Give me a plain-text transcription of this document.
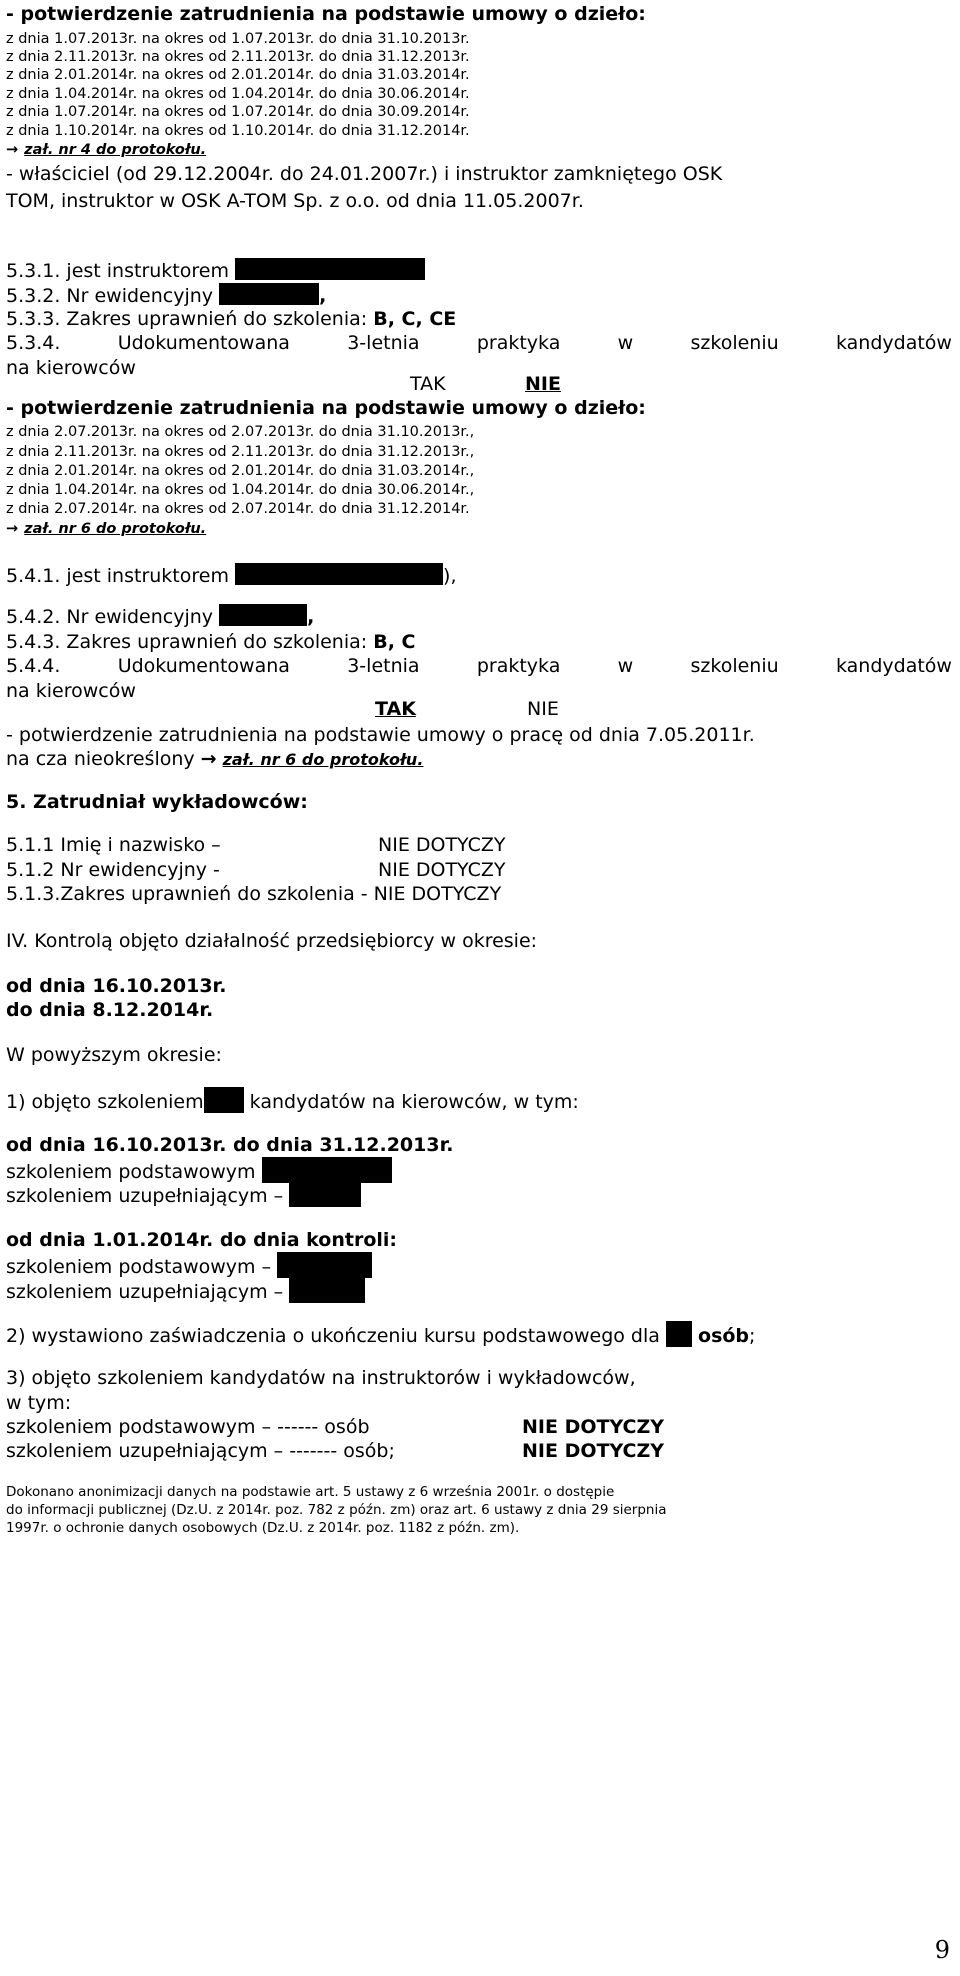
- potwierdzenie zatrudnienia na podstawie umowy o dzieło:
z dnia 1.07.2013r. na okres od 1.07.2013r. do dnia 31.10.2013r.
z dnia 2.11.2013r. na okres od 2.11.2013r. do dnia 31.12.2013r.
z dnia 2.01.2014r. na okres od 2.01.2014r. do dnia 31.03.2014r.
z dnia 1.04.2014r. na okres od 1.04.2014r. do dnia 30.06.2014r.
z dnia 1.07.2014r. na okres od 1.07.2014r. do dnia 30.09.2014r.
z dnia 1.10.2014r. na okres od 1.10.2014r. do dnia 31.12.2014r.
→ zał. nr 4 do protokołu.
- właściciel (od 29.12.2004r. do 24.01.2007r.) i instruktor zamkniętego OSK
TOM, instruktor w OSK A-TOM Sp. z o.o. od dnia 11.05.2007r.
5.3.1. jest instruktorem
5.3.2. Nr ewidencyjny	,
5.3.3. Zakres uprawnień do szkolenia: B, C, CE
5.3.4.	Udokumentowana	3-letnia	praktyka	w	szkoleniu	kandydatów
na kierowców
TAK	NIE
- potwierdzenie zatrudnienia na podstawie umowy o dzieło:
z dnia 2.07.2013r. na okres od 2.07.2013r. do dnia 31.10.2013r.,
z dnia 2.11.2013r. na okres od 2.11.2013r. do dnia 31.12.2013r.,
z dnia 2.01.2014r. na okres od 2.01.2014r. do dnia 31.03.2014r.,
z dnia 1.04.2014r. na okres od 1.04.2014r. do dnia 30.06.2014r.,
z dnia 2.07.2014r. na okres od 2.07.2014r. do dnia 31.12.2014r.
→ zał. nr 6 do protokołu.
5.4.1. jest instruktorem	),
5.4.2. Nr ewidencyjny	,
5.4.3. Zakres uprawnień do szkolenia: B, C
5.4.4.	Udokumentowana	3-letnia	praktyka	w	szkoleniu	kandydatów
na kierowców
TAK	NIE
- potwierdzenie zatrudnienia na podstawie umowy o pracę od dnia 7.05.2011r.
na cza nieokreślony → zał. nr 6 do protokołu.
5. Zatrudniał wykładowców:
5.1.1 Imię i nazwisko –	NIE DOTYCZY
5.1.2 Nr ewidencyjny -	NIE DOTYCZY
5.1.3.Zakres uprawnień do szkolenia - NIE DOTYCZY
IV. Kontrolą objęto działalność przedsiębiorcy w okresie:
od dnia 16.10.2013r.
do dnia 8.12.2014r.
W powyższym okresie:
1) objęto szkoleniem kandydatów na kierowców, w tym:
od dnia 16.10.2013r. do dnia 31.12.2013r.
szkoleniem podstawowym
szkoleniem uzupełniającym –
od dnia 1.01.2014r. do dnia kontroli:
szkoleniem podstawowym –
szkoleniem uzupełniającym –
2) wystawiono zaświadczenia o ukończeniu kursu podstawowego dla osób;
3) objęto szkoleniem kandydatów na instruktorów i wykładowców,
w tym:
szkoleniem podstawowym – ------ osób	NIE DOTYCZY
szkoleniem uzupełniającym – ------- osób;	NIE DOTYCZY
Dokonano anonimizacji danych na podstawie art. 5 ustawy z 6 września 2001r. o dostępie
do informacji publicznej (Dz.U. z 2014r. poz. 782 z późn. zm) oraz art. 6 ustawy z dnia 29 sierpnia
1997r. o ochronie danych osobowych (Dz.U. z 2014r. poz. 1182 z późn. zm).
9
